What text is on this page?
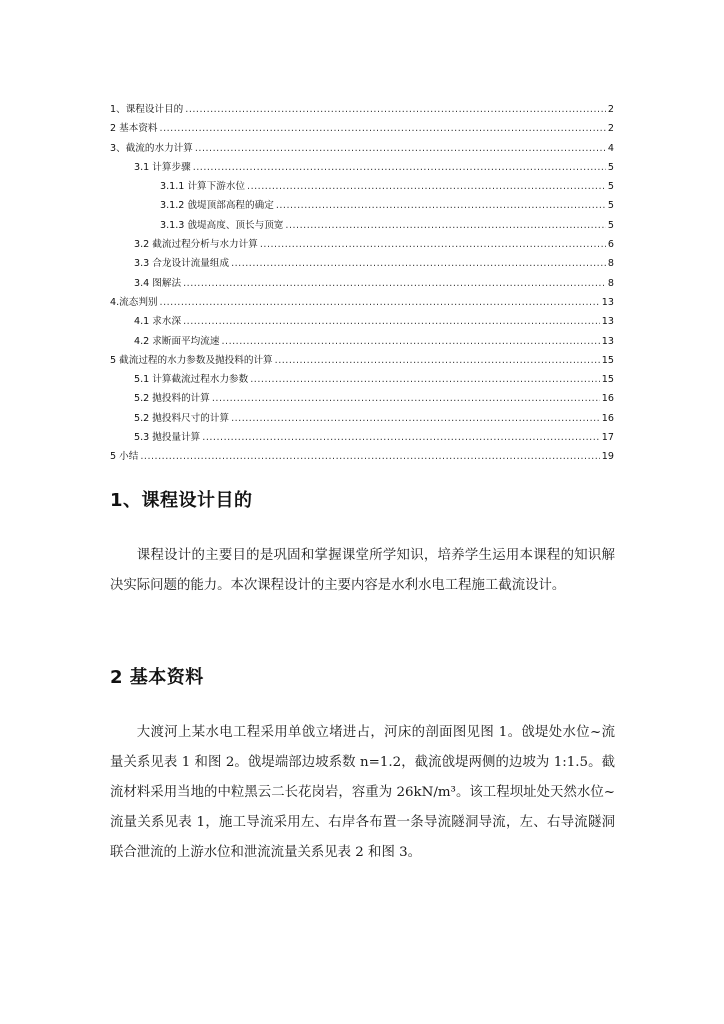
1、课程设计目的 .....	2
2 基本资料 .....	2
3、截流的水力计算 .....	4
3.1 计算步骤 .....	5
3.1.1 计算下游水位 .....	5
3.1.2 戗堤顶部高程的确定 .....	5
3.1.3 戗堤高度、顶长与顶宽 .....	5
3.2 截流过程分析与水力计算 .....	6
3.3 合龙设计流量组成 .....	8
3.4 图解法 .....	8
4.流态判别 .....	13
4.1 求水深 .....	13
4.2 求断面平均流速 .....	13
5 截流过程的水力参数及抛投料的计算 .....	15
5.1 计算截流过程水力参数 .....	15
5.2 抛投料的计算 .....	16
5.2 抛投料尺寸的计算 .....	16
5.3 抛投量计算 .....	17
5 小结 .....	19
1、课程设计目的

课程设计的主要目的是巩固和掌握课堂所学知识，培养学生运用本课程的知识解决实际问题的能力。本次课程设计的主要内容是水利水电工程施工截流设计。

2 基本资料

大渡河上某水电工程采用单戗立堵进占，河床的剖面图见图 1。戗堤处水位~流量关系见表 1 和图 2。戗堤端部边坡系数 n=1.2，截流戗堤两侧的边坡为 1:1.5。截流材料采用当地的中粒黑云二长花岗岩，容重为 26kN/m³。该工程坝址处天然水位~流量关系见表 1，施工导流采用左、右岸各布置一条导流隧洞导流，左、右导流隧洞联合泄流的上游水位和泄流流量关系见表 2 和图 3。
